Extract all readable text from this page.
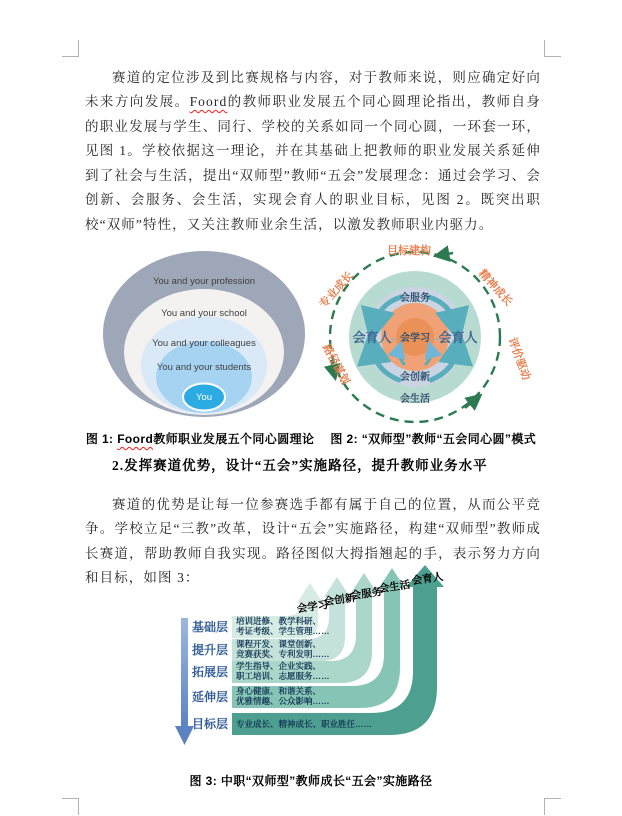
赛道的定位涉及到比赛规格与内容，对于教师来说，则应确定好向未来方向发展。Foord的教师职业发展五个同心圆理论指出，教师自身的职业发展与学生、同行、学校的关系如同一个同心圆，一环套一环，见图 1。学校依据这一理论，并在其基础上把教师的职业发展关系延伸到了社会与生活，提出“双师型”教师“五会”发展理念：通过会学习、会创新、会服务、会生活，实现会育人的职业目标，见图 2。既突出职校“双师”特性，又关注教师业余生活，以激发教师职业内驱力。

You and your profession
You and your school
You and your colleagues
You and your students
You
会服务
← 会学习 →
会创新
会生活
会育人	会育人
目标建构
专业成长	精神成长
评价驱动
路径谋划
图 1: Foord教师职业发展五个同心圆理论 图 2: “双师型”教师“五会同心圆”模式
2.发挥赛道优势，设计“五会”实施路径，提升教师业务水平

赛道的优势是让每一位参赛选手都有属于自己的位置，从而公平竞争。学校立足“三教”改革，设计“五会”实施路径，构建“双师型”教师成长赛道，帮助教师自我实现。路径图似大拇指翘起的手，表示努力方向和目标，如图 3：

基础层
提升层
拓展层
延伸层
目标层
培训进修、教学科研、
考证考级、学生管理……
课程开发、课堂创新、
竞赛获奖、专利发明……
学生指导、企业实践、
职工培训、志愿服务……
身心健康、和谐关系、
优雅情趣、公众影响……
专业成长、精神成长、职业胜任……
会学习
会创新
会服务
会生活 会育人
图 3: 中职“双师型”教师成长“五会”实施路径
